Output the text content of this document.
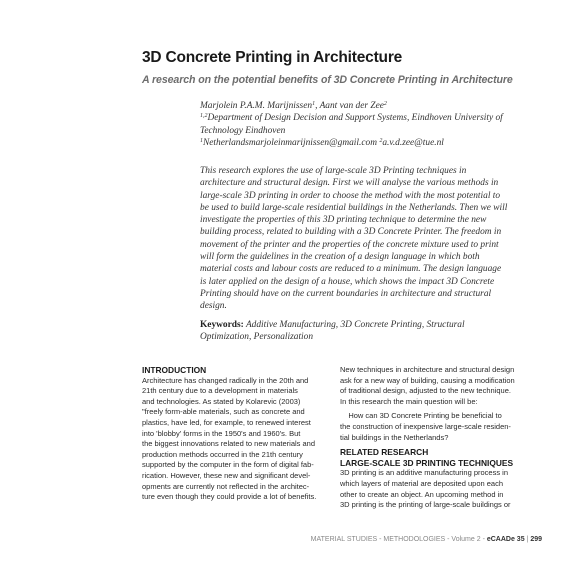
3D Concrete Printing in Architecture
A research on the potential benefits of 3D Concrete Printing in Architecture
Marjolein P.A.M. Marijnissen$^1$, Aant van der Zee$^2$
$^{1,2}$Department of Design Decision and Support Systems, Eindhoven University of
Technology Eindhoven
$^1$Netherlandsmarjoleinmarijnissen@gmail.com $^2$a.v.d.zee@tue.nl
This research explores the use of large-scale 3D Printing techniques in
architecture and structural design. First we will analyse the various methods in
large-scale 3D printing in order to choose the method with the most potential to
be used to build large-scale residential buildings in the Netherlands. Then we will
investigate the properties of this 3D printing technique to determine the new
building process, related to building with a 3D Concrete Printer. The freedom in
movement of the printer and the properties of the concrete mixture used to print
will form the guidelines in the creation of a design language in which both
material costs and labour costs are reduced to a minimum. The design language
is later applied on the design of a house, which shows the impact 3D Concrete
Printing should have on the current boundaries in architecture and structural
design.
Keywords: Additive Manufacturing, 3D Concrete Printing, Structural
Optimization, Personalization
INTRODUCTION
Architecture has changed radically in the 20th and
21th century due to a development in materials
and technologies. As stated by Kolarevic (2003)
"freely form-able materials, such as concrete and
plastics, have led, for example, to renewed interest
into 'blobby' forms in the 1950's and 1960's. But
the biggest innovations related to new materials and
production methods occurred in the 21th century
supported by the computer in the form of digital fab-
rication. However, these new and significant devel-
opments are currently not reflected in the architec-
ture even though they could provide a lot of benefits.
New techniques in architecture and structural design
ask for a new way of building, causing a modification
of traditional design, adjusted to the new technique.
In this research the main question will be:
How can 3D Concrete Printing be beneficial to
the construction of inexpensive large-scale residen-
tial buildings in the Netherlands?
RELATED RESEARCH
LARGE-SCALE 3D PRINTING TECHNIQUES
3D printing is an additive manufacturing process in
which layers of material are deposited upon each
other to create an object. An upcoming method in
3D printing is the printing of large-scale buildings or
MATERIAL STUDIES - METHODOLOGIES - Volume 2 - eCAADe 35 | 299
